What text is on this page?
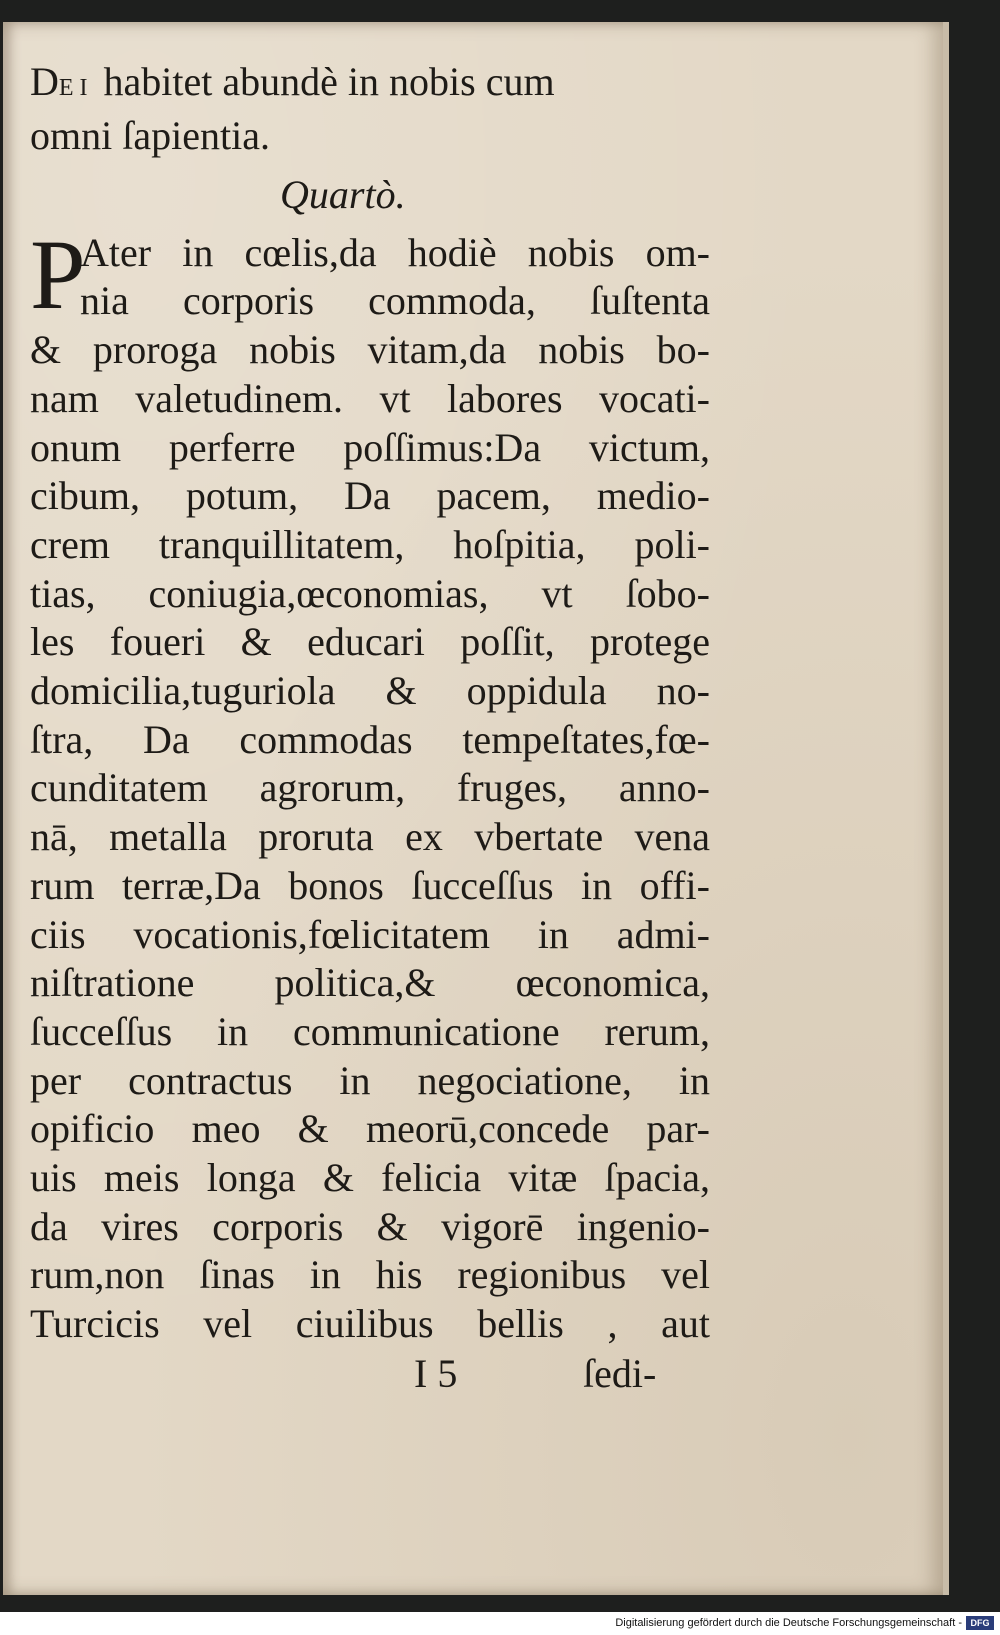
DEI habitet abundè in nobis cum
omni ſapientia.
Quartò.
P
Ater in cœlis,da hodiè nobis om-
nia corporis commoda, ſuſtenta
& proroga nobis vitam,da nobis bo-
nam valetudinem. vt labores vocati-
onum perferre poſſimus:Da victum,
cibum, potum, Da pacem, medio-
crem tranquillitatem, hoſpitia, poli-
tias, coniugia,œconomias, vt ſobo-
les foueri & educari poſſit, protege
domicilia,tuguriola & oppidula no-
ſtra, Da commodas tempeſtates,fœ-
cunditatem agrorum, fruges, anno-
nā, metalla proruta ex vbertate vena
rum terræ,Da bonos ſucceſſus in offi-
ciis vocationis,fœlicitatem in admi-
niſtratione politica,& œconomica,
ſucceſſus in communicatione rerum,
per contractus in negociatione, in
opificio meo & meorū,concede par-
uis meis longa & felicia vitæ ſpacia,
da vires corporis & vigorē ingenio-
rum,non ſinas in his regionibus vel
Turcicis vel ciuilibus bellis , aut
I 5	ſedi-
Digitalisierung gefördert durch die Deutsche Forschungsgemeinschaft - DFG
